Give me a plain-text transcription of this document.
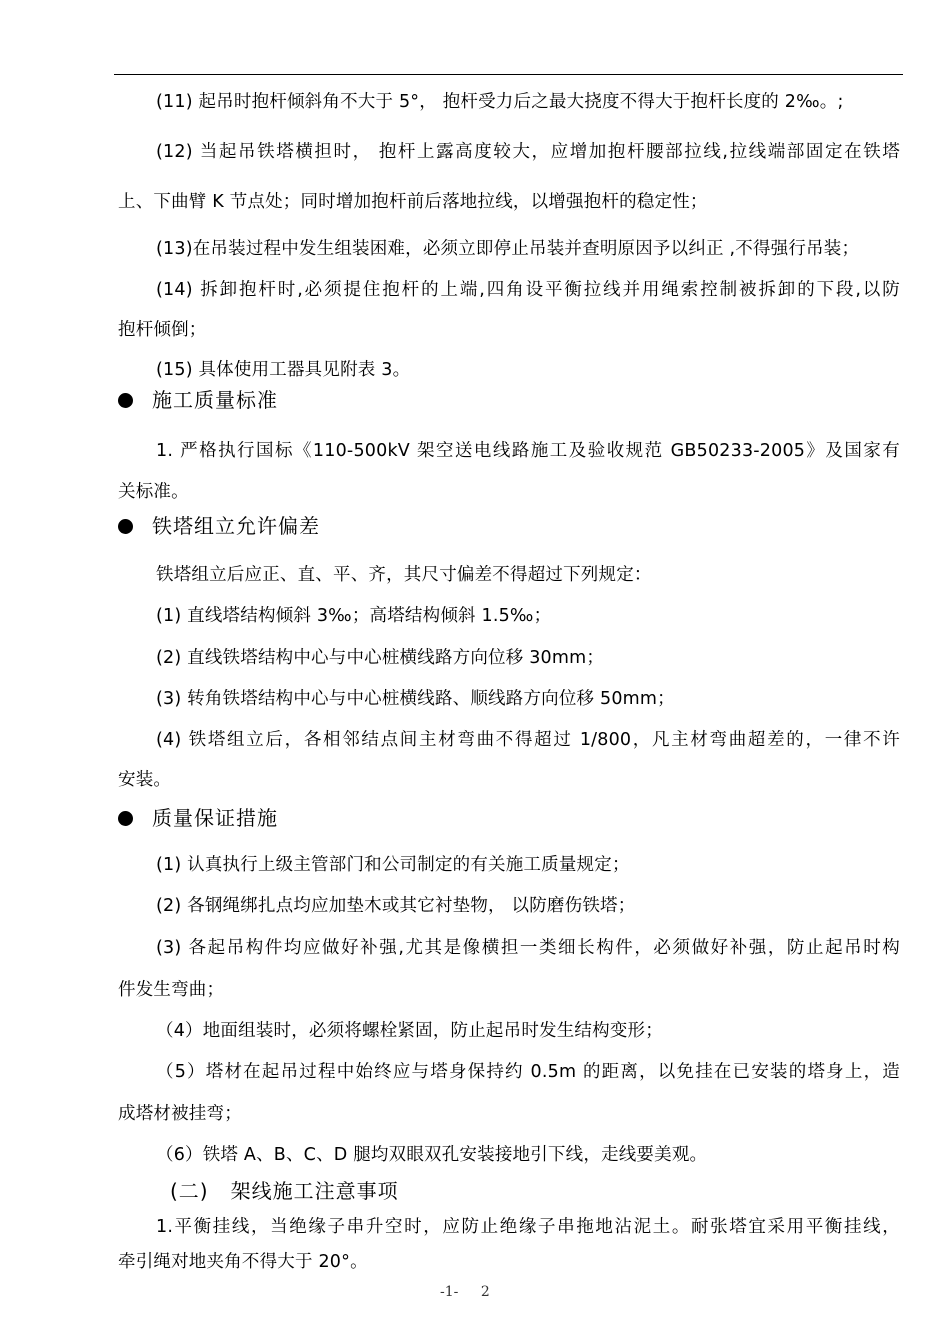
(11) 起吊时抱杆倾斜角不大于 5°， 抱杆受力后之最大挠度不得大于抱杆长度的 2‰。;
(12) 当起吊铁塔横担时， 抱杆上露高度较大，应增加抱杆腰部拉线,拉线端部固定在铁塔
上、下曲臂 K 节点处；同时增加抱杆前后落地拉线，以增强抱杆的稳定性；
(13)在吊装过程中发生组装困难，必须立即停止吊装并查明原因予以纠正 ,不得强行吊装；
(14) 拆卸抱杆时,必须提住抱杆的上端,四角设平衡拉线并用绳索控制被拆卸的下段,以防
抱杆倾倒；
(15) 具体使用工器具见附表 3。
施工质量标准
1. 严格执行国标《110-500kV 架空送电线路施工及验收规范 GB50233-2005》及国家有
关标准。
铁塔组立允许偏差
铁塔组立后应正、直、平、齐，其尺寸偏差不得超过下列规定：
(1) 直线塔结构倾斜 3‰；高塔结构倾斜 1.5‰；
(2) 直线铁塔结构中心与中心桩横线路方向位移 30mm；
(3) 转角铁塔结构中心与中心桩横线路、顺线路方向位移 50mm；
(4) 铁塔组立后，各相邻结点间主材弯曲不得超过 1/800，凡主材弯曲超差的，一律不许
安装。
质量保证措施
(1) 认真执行上级主管部门和公司制定的有关施工质量规定；
(2) 各钢绳绑扎点均应加垫木或其它衬垫物， 以防磨伤铁塔；
(3) 各起吊构件均应做好补强,尤其是像横担一类细长构件，必须做好补强，防止起吊时构
件发生弯曲；
（4）地面组装时，必须将螺栓紧固，防止起吊时发生结构变形；
（5）塔材在起吊过程中始终应与塔身保持约 0.5m 的距离，以免挂在已安装的塔身上，造
成塔材被挂弯；
（6）铁塔 A、B、C、D 腿均双眼双孔安装接地引下线，走线要美观。
(二) 架线施工注意事项
1.平衡挂线，当绝缘子串升空时，应防止绝缘子串拖地沾泥土。耐张塔宜采用平衡挂线，
牵引绳对地夹角不得大于 20°。
-1- 2
